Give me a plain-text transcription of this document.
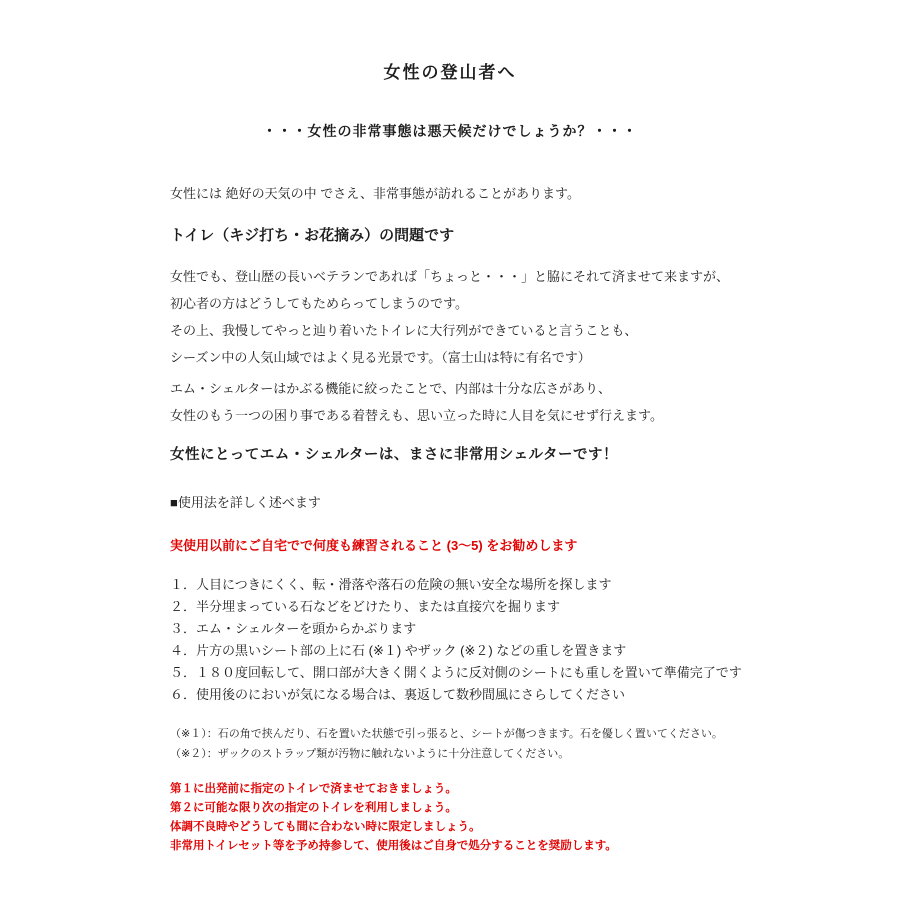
女性の登山者へ
・・・女性の非常事態は悪天候だけでしょうか？・・・
女性には 絶好の天気の中 でさえ、非常事態が訪れることがあります。
トイレ（キジ打ち・お花摘み）の問題です
女性でも、登山歴の長いベテランであれば「ちょっと・・・」と脇にそれて済ませて来ますが、
初心者の方はどうしてもためらってしまうのです。
その上、我慢してやっと辿り着いたトイレに大行列ができていると言うことも、
シーズン中の人気山域ではよく見る光景です。（富士山は特に有名です）
エム・シェルターはかぶる機能に絞ったことで、内部は十分な広さがあり、
女性のもう一つの困り事である着替えも、思い立った時に人目を気にせず行えます。
女性にとってエム・シェルターは、まさに非常用シェルターです！
■使用法を詳しく述べます
実使用以前にご自宅でで何度も練習されること (3～5) をお勧めします
１．人目につきにくく、転・滑落や落石の危険の無い安全な場所を探します
２．半分埋まっている石などをどけたり、または直接穴を掘ります
３．エム・シェルターを頭からかぶります
４．片方の黒いシート部の上に石 (※１) やザック (※２) などの重しを置きます
５．１８０度回転して、開口部が大きく開くように反対側のシートにも重しを置いて準備完了です
６．使用後のにおいが気になる場合は、裏返して数秒間風にさらしてください
（※１）：石の角で挟んだり、石を置いた状態で引っ張ると、シートが傷つきます。石を優しく置いてください。
（※２）：ザックのストラップ類が汚物に触れないように十分注意してください。
第１に出発前に指定のトイレで済ませておきましょう。
第２に可能な限り次の指定のトイレを利用しましょう。
体調不良時やどうしても間に合わない時に限定しましょう。
非常用トイレセット等を予め持参して、使用後はご自身で処分することを奨励します。
